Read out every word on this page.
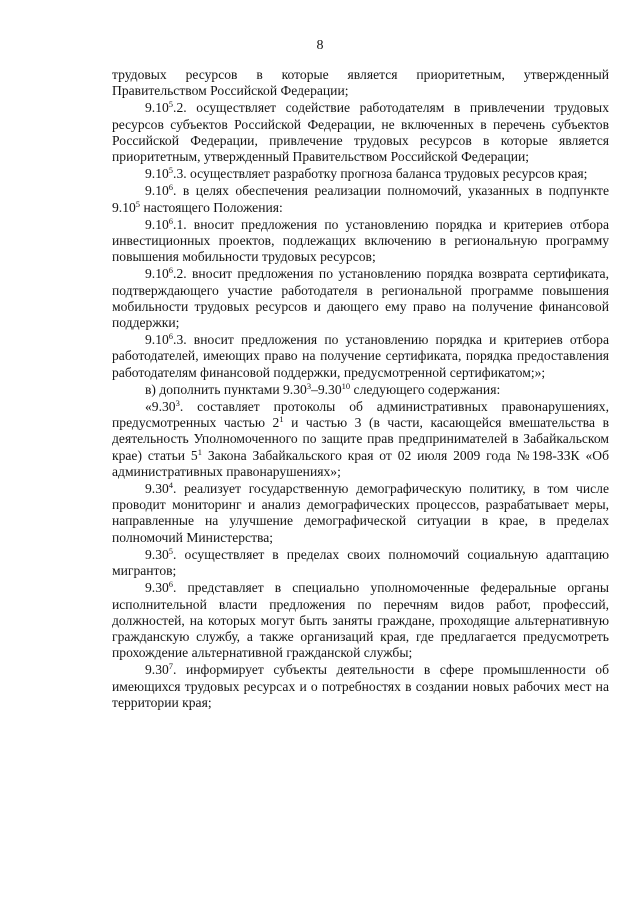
8

трудовых ресурсов в которые является приоритетным, утвержденный Правительством Российской Федерации;

9.10$^5$.2. осуществляет содействие работодателям в привлечении трудовых ресурсов субъектов Российской Федерации, не включенных в перечень субъектов Российской Федерации, привлечение трудовых ресурсов в которые является приоритетным, утвержденный Правительством Российской Федерации;

9.10$^5$.3. осуществляет разработку прогноза баланса трудовых ресурсов края;

9.10$^6$. в целях обеспечения реализации полномочий, указанных в подпункте 9.10$^5$ настоящего Положения:

9.10$^6$.1. вносит предложения по установлению порядка и критериев отбора инвестиционных проектов, подлежащих включению в региональную программу повышения мобильности трудовых ресурсов;

9.10$^6$.2. вносит предложения по установлению порядка возврата сертификата, подтверждающего участие работодателя в региональной программе повышения мобильности трудовых ресурсов и дающего ему право на получение финансовой поддержки;

9.10$^6$.3. вносит предложения по установлению порядка и критериев отбора работодателей, имеющих право на получение сертификата, порядка предоставления работодателям финансовой поддержки, предусмотренной сертификатом;»;

в) дополнить пунктами 9.30$^3$–9.30$^{10}$ следующего содержания:

«9.30$^3$. составляет протоколы об административных правонарушениях, предусмотренных частью $2^1$ и частью 3 (в части, касающейся вмешательства в деятельность Уполномоченного по защите прав предпринимателей в Забайкальском крае) статьи $5^1$ Закона Забайкальского края от 02 июля 2009 года №198-ЗЗК «Об административных правонарушениях»;

9.30$^4$. реализует государственную демографическую политику, в том числе проводит мониторинг и анализ демографических процессов, разрабатывает меры, направленные на улучшение демографической ситуации в крае, в пределах полномочий Министерства;

9.30$^5$. осуществляет в пределах своих полномочий социальную адаптацию мигрантов;

9.30$^6$. представляет в специально уполномоченные федеральные органы исполнительной власти предложения по перечням видов работ, профессий, должностей, на которых могут быть заняты граждане, проходящие альтернативную гражданскую службу, а также организаций края, где предлагается предусмотреть прохождение альтернативной гражданской службы;

9.30$^7$. информирует субъекты деятельности в сфере промышленности об имеющихся трудовых ресурсах и о потребностях в создании новых рабочих мест на территории края;
